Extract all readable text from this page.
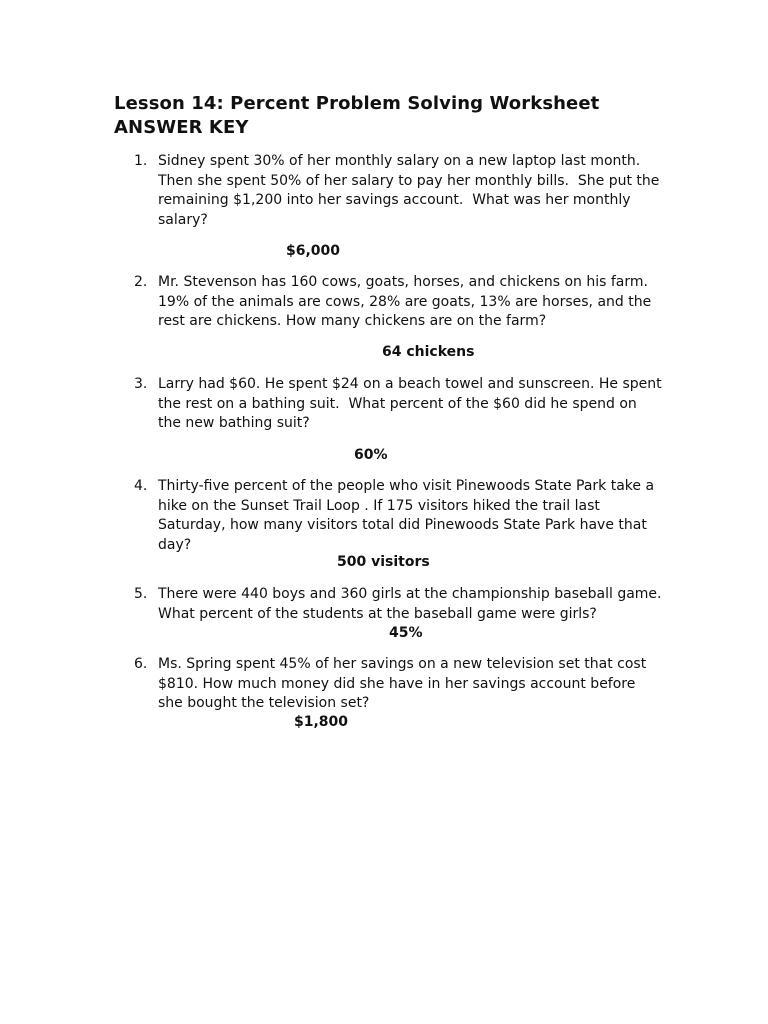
Lesson 14: Percent Problem Solving Worksheet
ANSWER KEY
1. Sidney spent 30% of her monthly salary on a new laptop last month.
Then she spent 50% of her salary to pay her monthly bills.  She put the
remaining $1,200 into her savings account.  What was her monthly
salary?
$6,000
2. Mr. Stevenson has 160 cows, goats, horses, and chickens on his farm.
19% of the animals are cows, 28% are goats, 13% are horses, and the
rest are chickens. How many chickens are on the farm?
64 chickens
3. Larry had $60. He spent $24 on a beach towel and sunscreen. He spent
the rest on a bathing suit.  What percent of the $60 did he spend on
the new bathing suit?
60%
4. Thirty-five percent of the people who visit Pinewoods State Park take a
hike on the Sunset Trail Loop . If 175 visitors hiked the trail last
Saturday, how many visitors total did Pinewoods State Park have that
day?
500 visitors
5. There were 440 boys and 360 girls at the championship baseball game.
What percent of the students at the baseball game were girls?
45%
6. Ms. Spring spent 45% of her savings on a new television set that cost
$810. How much money did she have in her savings account before
she bought the television set?
$1,800
